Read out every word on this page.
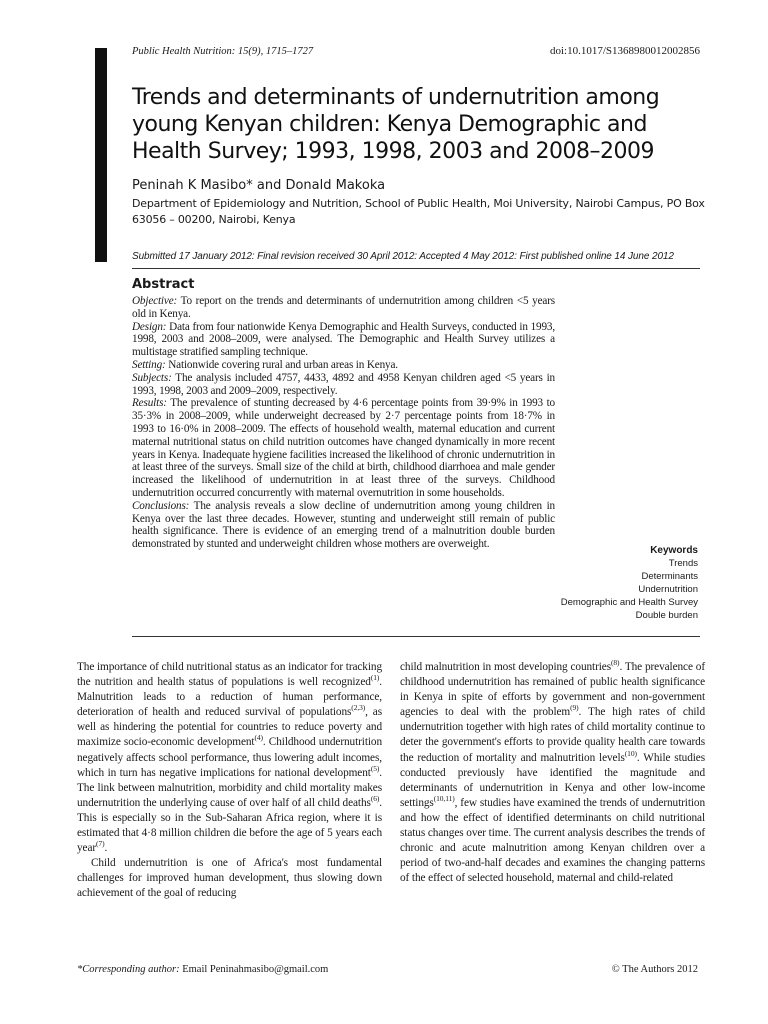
Public Health Nutrition: 15(9), 1715–1727	doi:10.1017/S1368980012002856
Trends and determinants of undernutrition among young Kenyan children: Kenya Demographic and Health Survey; 1993, 1998, 2003 and 2008–2009
Peninah K Masibo* and Donald Makoka
Department of Epidemiology and Nutrition, School of Public Health, Moi University, Nairobi Campus, PO Box 63056 – 00200, Nairobi, Kenya
Submitted 17 January 2012: Final revision received 30 April 2012: Accepted 4 May 2012: First published online 14 June 2012
Abstract

Objective: To report on the trends and determinants of undernutrition among children <5 years old in Kenya.

Design: Data from four nationwide Kenya Demographic and Health Surveys, conducted in 1993, 1998, 2003 and 2008–2009, were analysed. The Demographic and Health Survey utilizes a multistage stratified sampling technique.

Setting: Nationwide covering rural and urban areas in Kenya.

Subjects: The analysis included 4757, 4433, 4892 and 4958 Kenyan children aged <5 years in 1993, 1998, 2003 and 2009–2009, respectively.

Results: The prevalence of stunting decreased by 4·6 percentage points from 39·9% in 1993 to 35·3% in 2008–2009, while underweight decreased by 2·7 percentage points from 18·7% in 1993 to 16·0% in 2008–2009. The effects of household wealth, maternal education and current maternal nutritional status on child nutrition outcomes have changed dynamically in more recent years in Kenya. Inadequate hygiene facilities increased the likelihood of chronic undernutrition in at least three of the surveys. Small size of the child at birth, childhood diarrhoea and male gender increased the likelihood of undernutrition in at least three of the surveys. Childhood undernutrition occurred concurrently with maternal overnutrition in some households.

Conclusions: The analysis reveals a slow decline of undernutrition among young children in Kenya over the last three decades. However, stunting and underweight still remain of public health significance. There is evidence of an emerging trend of a malnutrition double burden demonstrated by stunted and underweight children whose mothers are overweight.

Keywords
Trends
Determinants
Undernutrition
Demographic and Health Survey
Double burden

The importance of child nutritional status as an indicator for tracking the nutrition and health status of populations is well recognized$^{(1)}$. Malnutrition leads to a reduction of human performance, deterioration of health and reduced survival of populations$^{(2,3)}$, as well as hindering the potential for countries to reduce poverty and maximize socio-economic development$^{(4)}$. Childhood undernutrition negatively affects school performance, thus lowering adult incomes, which in turn has negative implications for national development$^{(5)}$. The link between malnutrition, morbidity and child mortality makes undernutrition the underlying cause of over half of all child deaths$^{(6)}$. This is especially so in the Sub-Saharan Africa region, where it is estimated that 4·8 million children die before the age of 5 years each year$^{(7)}$.

Child undernutrition is one of Africa's most fundamental challenges for improved human development, thus slowing down achievement of the goal of reducing

child malnutrition in most developing countries$^{(8)}$. The prevalence of childhood undernutrition has remained of public health significance in Kenya in spite of efforts by government and non-government agencies to deal with the problem$^{(9)}$. The high rates of child undernutrition together with high rates of child mortality continue to deter the government's efforts to provide quality health care towards the reduction of mortality and malnutrition levels$^{(10)}$. While studies conducted previously have identified the magnitude and determinants of undernutrition in Kenya and other low-income settings$^{(10,11)}$, few studies have examined the trends of undernutrition and how the effect of identified determinants on child nutritional status changes over time. The current analysis describes the trends of chronic and acute malnutrition among Kenyan children over a period of two-and-half decades and examines the changing patterns of the effect of selected household, maternal and child-related

*Corresponding author: Email Peninahmasibo@gmail.com	© The Authors 2012
